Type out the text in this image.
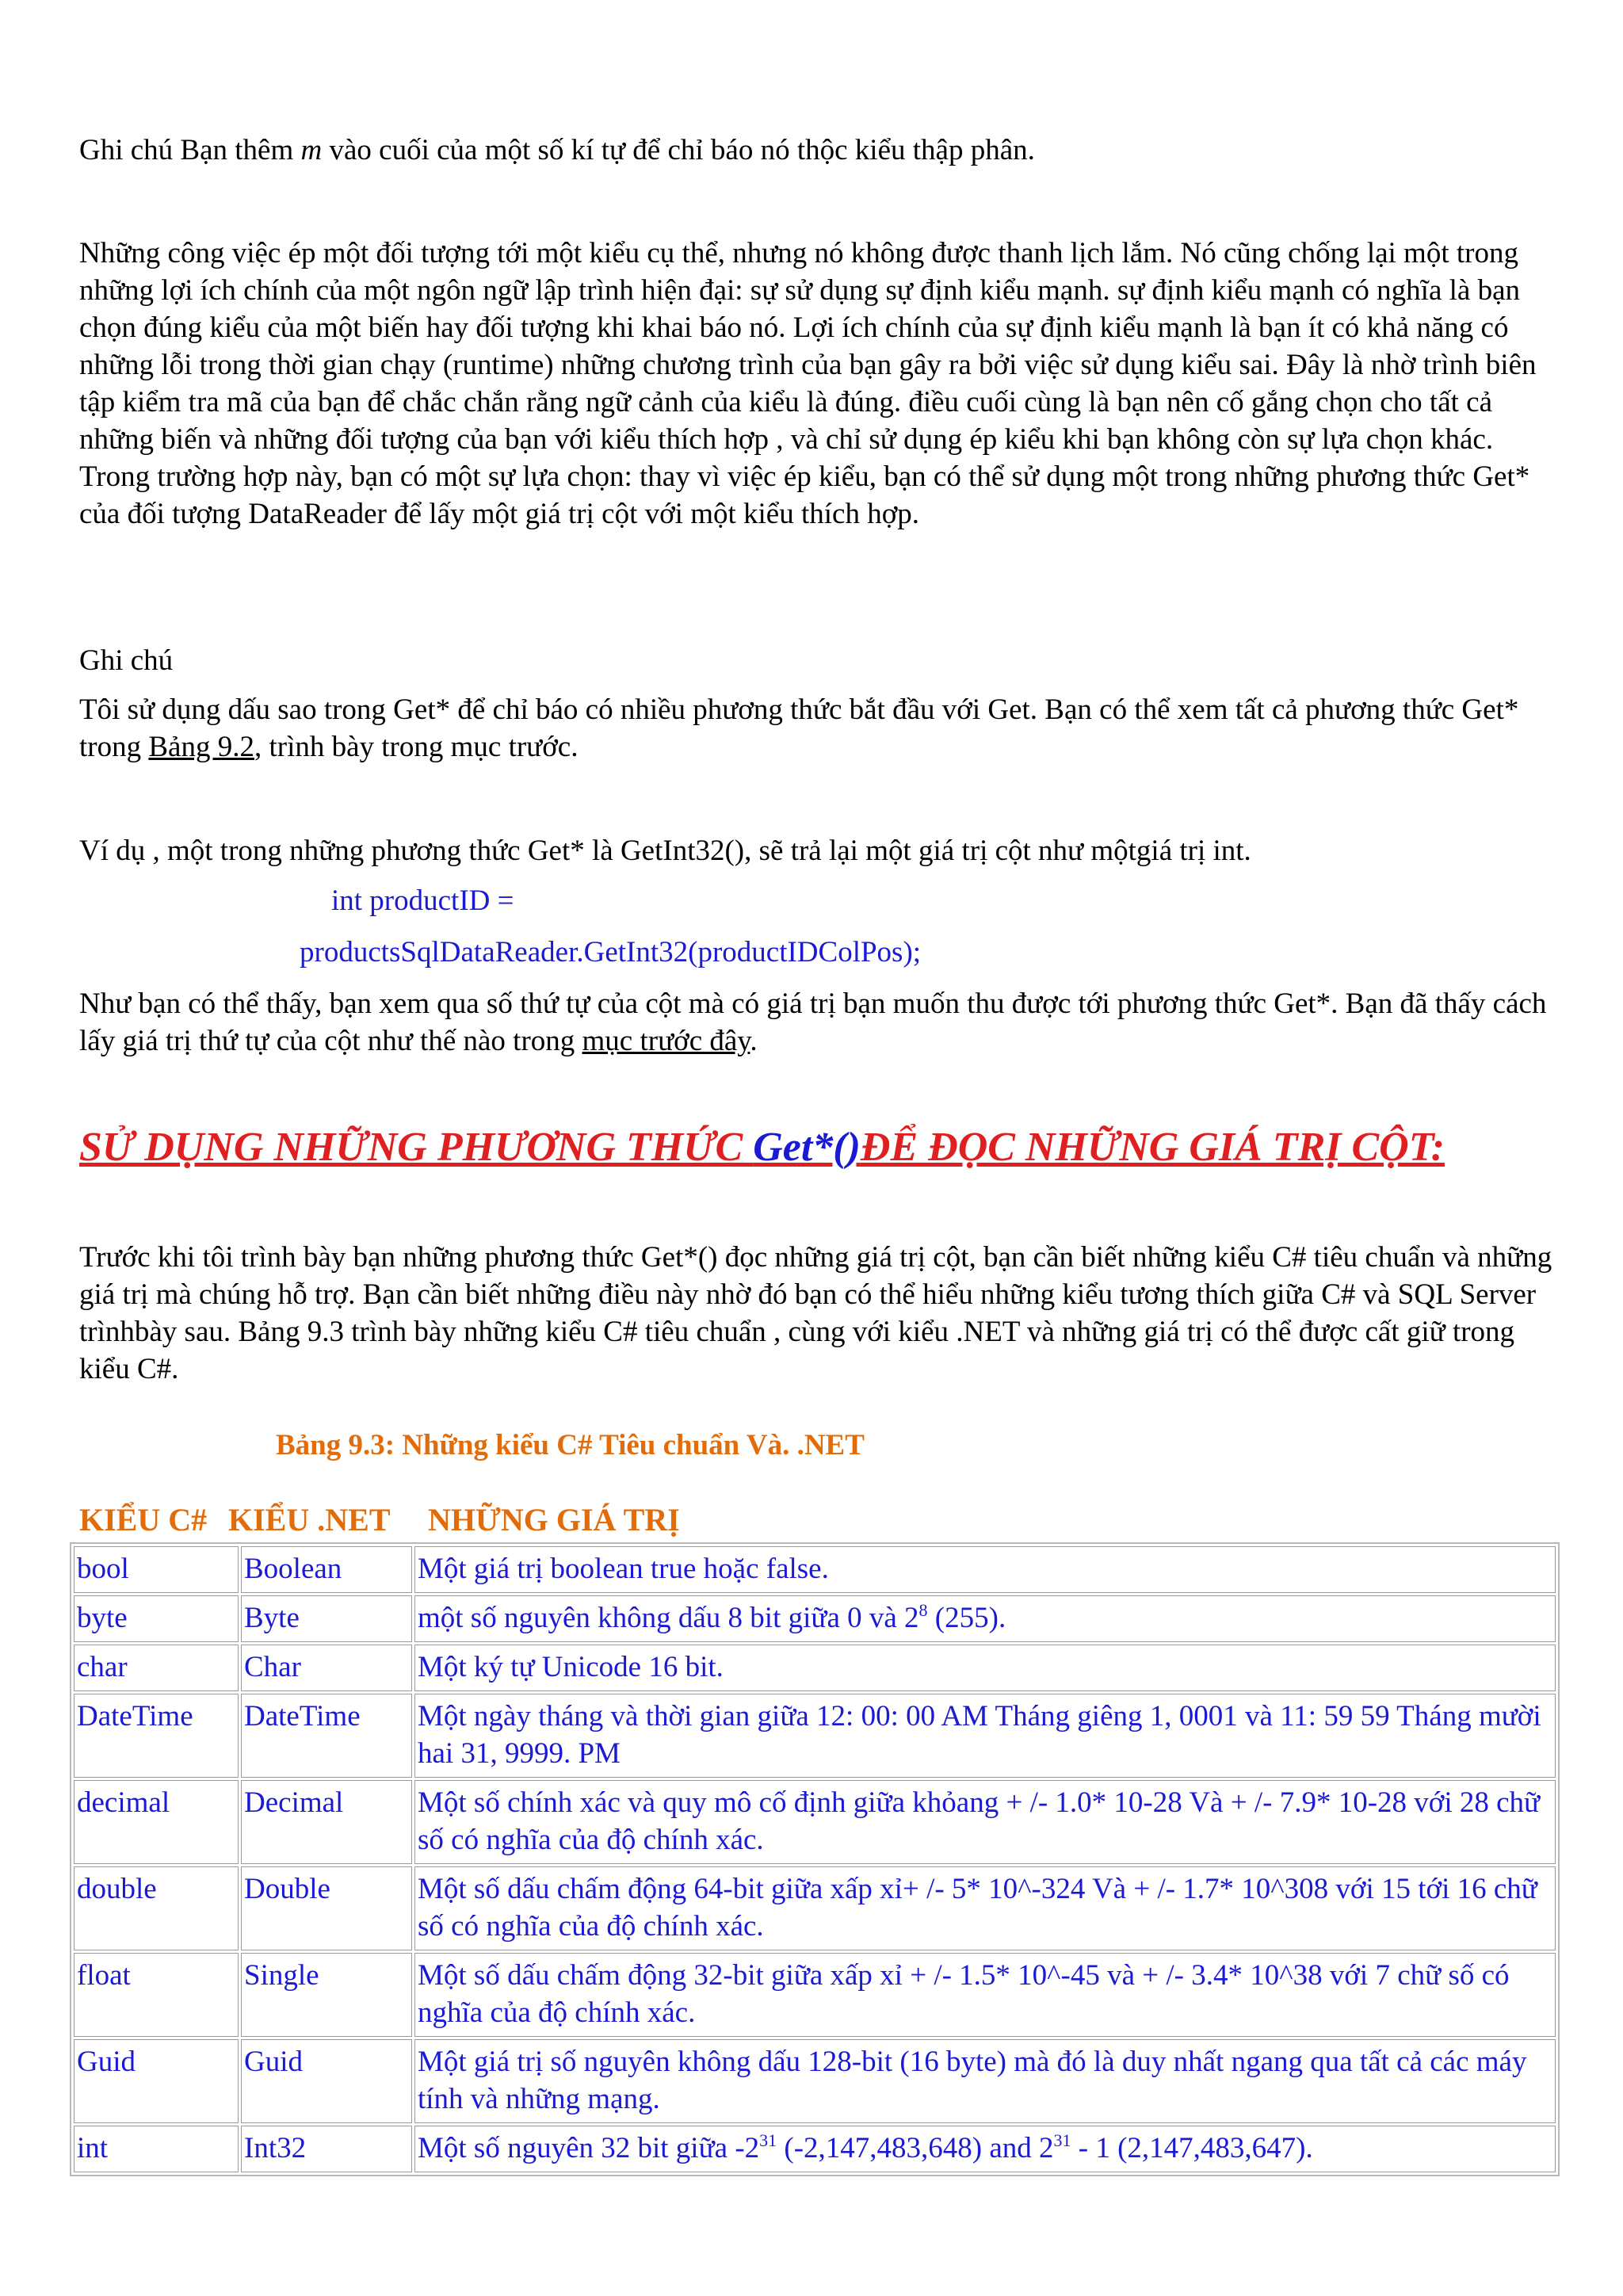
Ghi chú Bạn thêm m vào cuối của một số kí tự để chỉ báo nó thộc kiểu thập phân.

Những công việc ép một đối tượng tới một kiểu cụ thể, nhưng nó không được thanh lịch lắm. Nó cũng chống lại một trong những lợi ích chính của một ngôn ngữ lập trình hiện đại: sự sử dụng sự định kiểu mạnh. sự định kiểu mạnh có nghĩa là bạn chọn đúng kiểu của một biến hay đối tượng khi khai báo nó. Lợi ích chính của sự định kiểu mạnh là bạn ít có khả năng có những lỗi trong thời gian chạy (runtime) những chương trình của bạn gây ra bởi việc sử dụng kiểu sai. Đây là nhờ trình biên tập kiểm tra mã của bạn để chắc chắn rằng ngữ cảnh của kiểu là đúng. điều cuối cùng là bạn nên cố gắng chọn cho tất cả những biến và những đối tượng của bạn với kiểu thích hợp , và chỉ sử dụng ép kiểu khi bạn không còn sự lựa chọn khác. Trong trường hợp này, bạn có một sự lựa chọn: thay vì việc ép kiểu, bạn có thể sử dụng một trong những phương thức Get* của đối tượng DataReader để lấy một giá trị cột với một kiểu thích hợp.

Ghi chú

Tôi sử dụng dấu sao trong Get* để chỉ báo có nhiều phương thức bắt đầu với Get. Bạn có thể xem tất cả phương thức Get* trong Bảng 9.2, trình bày trong mục trước.

Ví dụ , một trong những phương thức Get* là GetInt32(), sẽ trả lại một giá trị cột như mộtgiá trị int.

int productID =
productsSqlDataReader.GetInt32(productIDColPos);

Như bạn có thể thấy, bạn xem qua số thứ tự của cột mà có giá trị bạn muốn thu được tới phương thức Get*. Bạn đã thấy cách lấy giá trị thứ tự của cột như thế nào trong mục trước đây.

SỬ DỤNG NHỮNG PHƯƠNG THỨC Get*()ĐỂ ĐỌC NHỮNG GIÁ TRỊ CỘT:

Trước khi tôi trình bày bạn những phương thức Get*() đọc những giá trị cột, bạn cần biết những kiểu C# tiêu chuẩn và những giá trị mà chúng hỗ trợ. Bạn cần biết những điều này nhờ đó bạn có thể hiểu những kiểu tương thích giữa C# và SQL Server trìnhbày sau. Bảng 9.3 trình bày những kiểu C# tiêu chuẩn , cùng với kiểu .NET và những giá trị có thể được cất giữ trong kiểu C#.

Bảng 9.3: Những kiểu C# Tiêu chuẩn Và. .NET
KIỂU C# KIỂU .NET NHỮNG GIÁ TRỊ
bool	Boolean	Một giá trị boolean true hoặc false.
byte	Byte	một số nguyên không dấu 8 bit giữa 0 và $2^8$ (255).
char	Char	Một ký tự Unicode 16 bit.
DateTime	DateTime	Một ngày tháng và thời gian giữa 12: 00: 00 AM Tháng giêng 1, 0001 và 11: 59 59 Tháng mười hai 31, 9999. PM
decimal	Decimal	Một số chính xác và quy mô cố định giữa khỏang + /- 1.0* 10-28 Và + /- 7.9* 10-28 với 28 chữ số có nghĩa của độ chính xác.
double	Double	Một số dấu chấm động 64-bit giữa xấp xỉ+ /- 5* 10^-324 Và + /- 1.7* 10^308 với 15 tới 16 chữ số có nghĩa của độ chính xác.
float	Single	Một số dấu chấm động 32-bit giữa xấp xỉ + /- 1.5* 10^-45 và + /- 3.4* 10^38 với 7 chữ số có nghĩa của độ chính xác.
Guid	Guid	Một giá trị số nguyên không dấu 128-bit (16 byte) mà đó là duy nhất ngang qua tất cả các máy tính và những mạng.
int	Int32	Một số nguyên 32 bit giữa $-2^{31}$ (-2,147,483,648) and $2^{31} - 1$ (2,147,483,647).
